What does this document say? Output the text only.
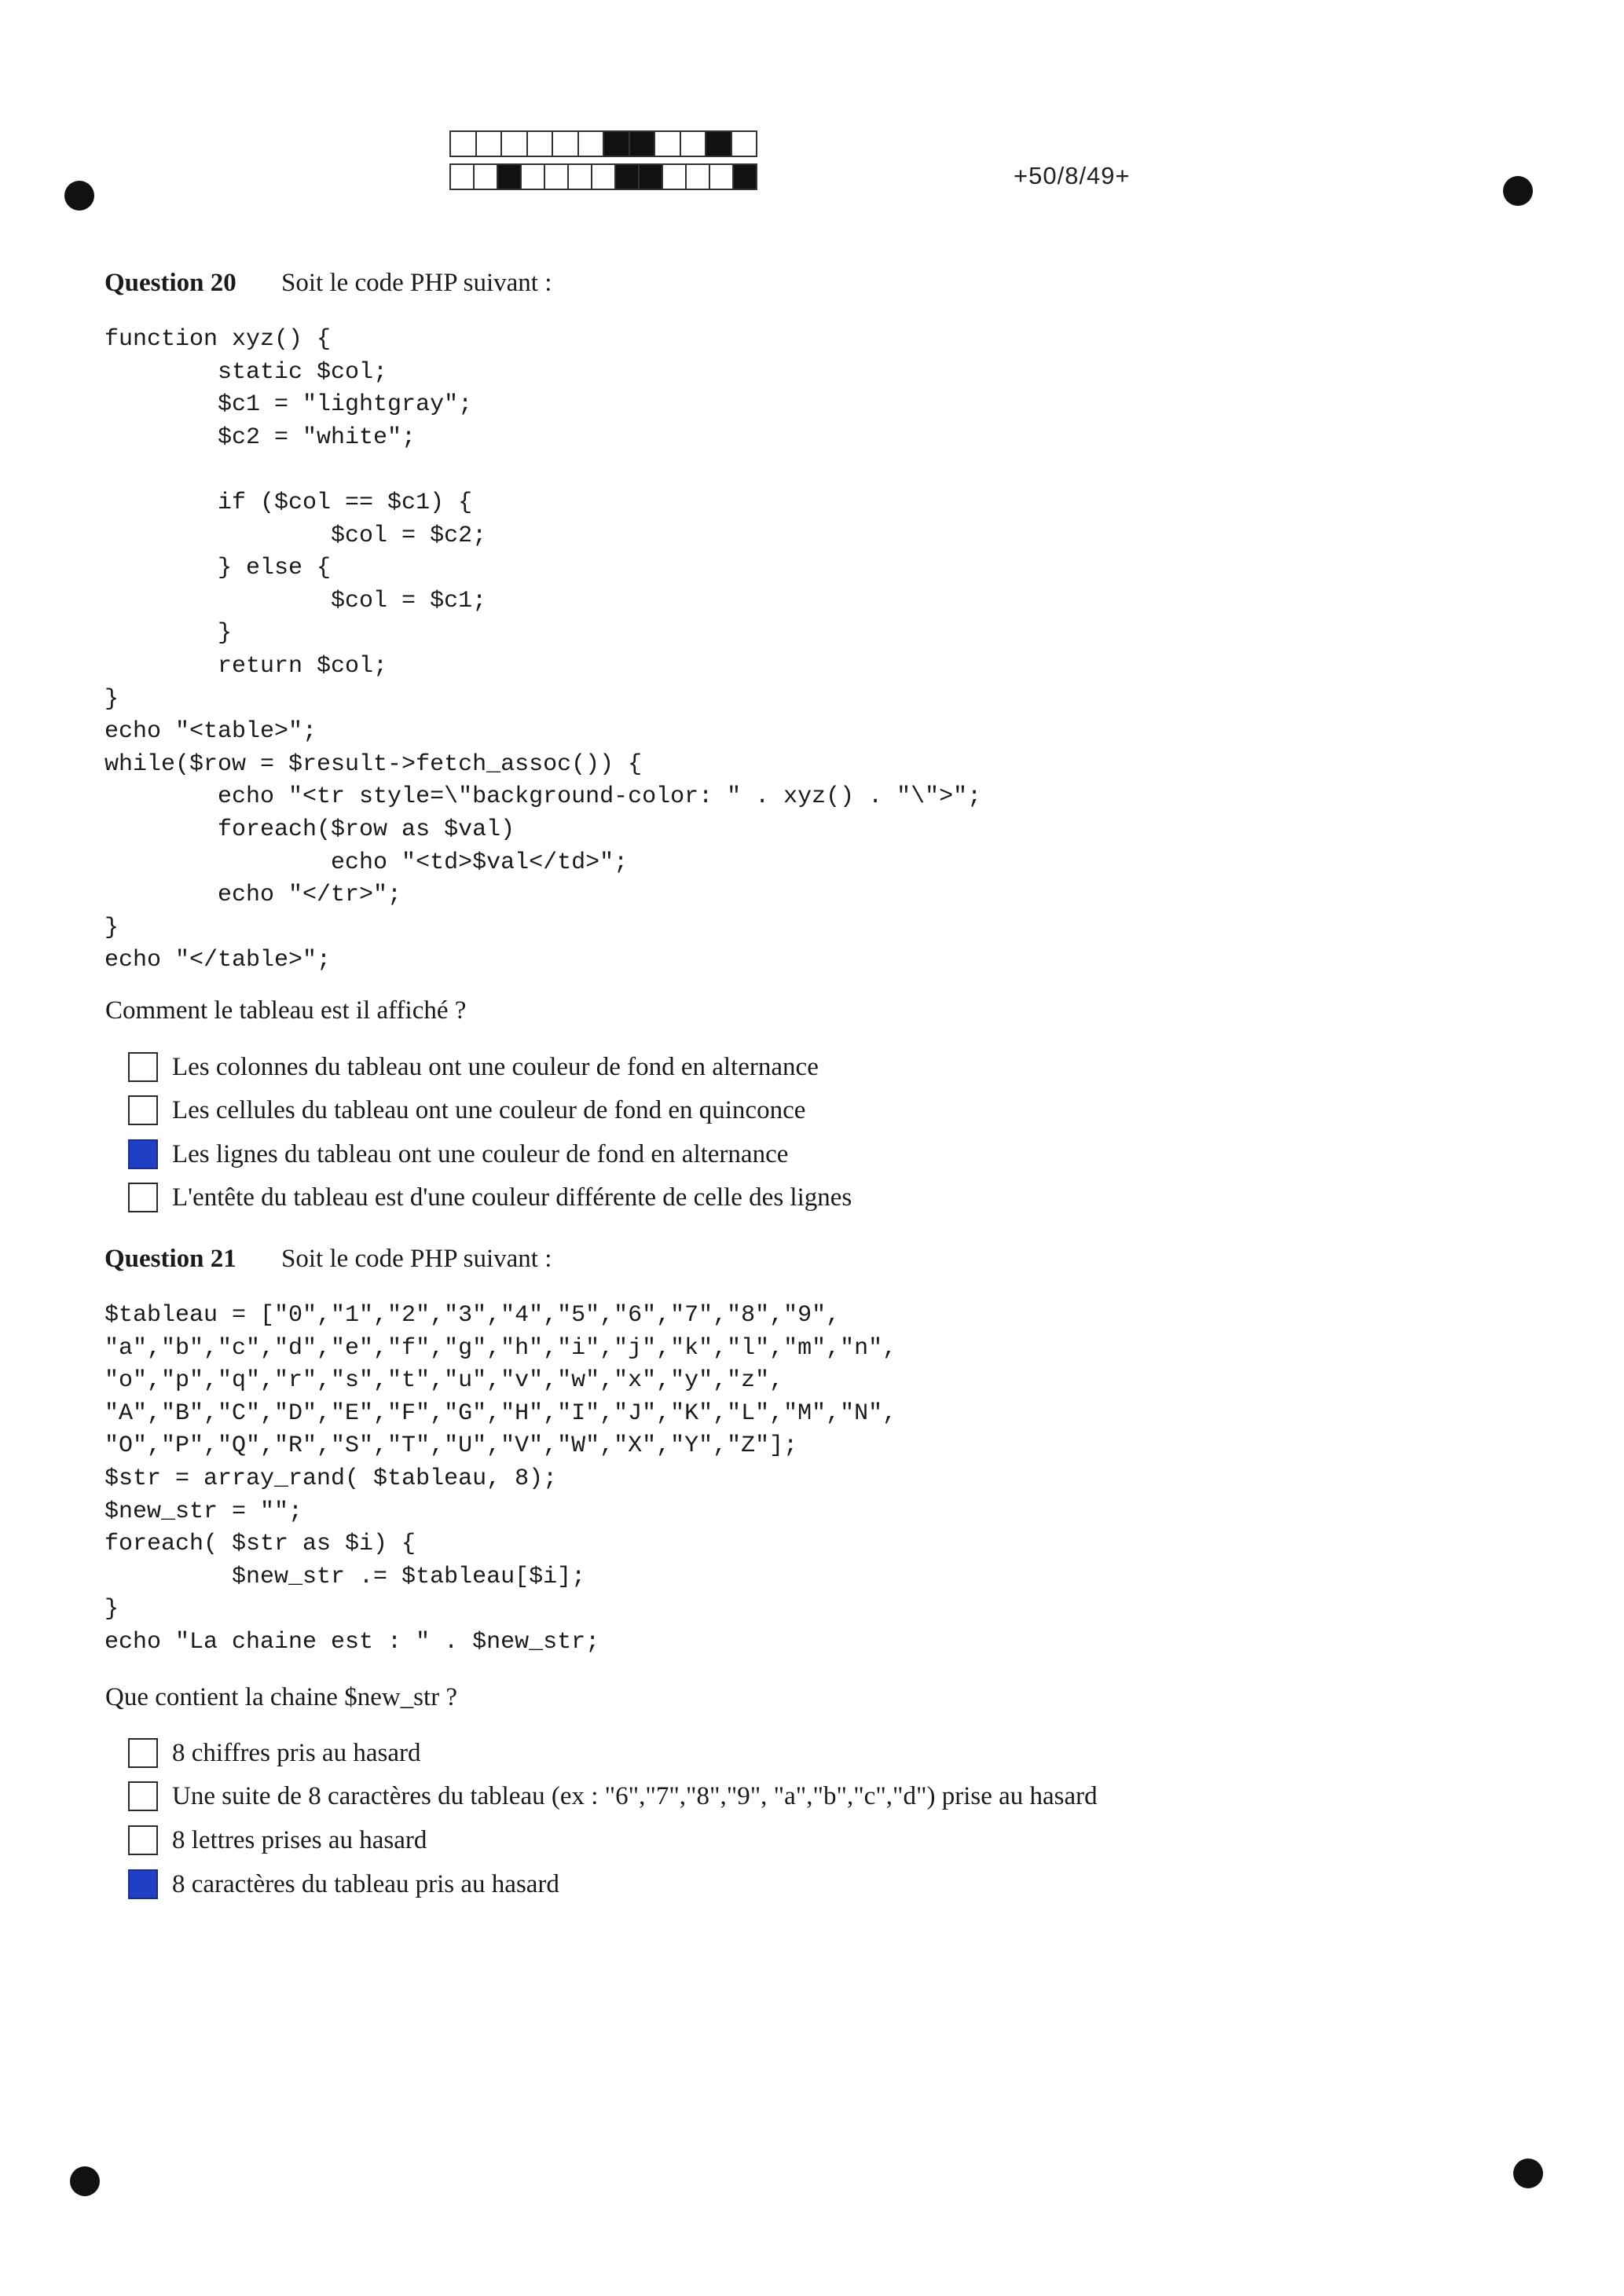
+50/8/49+
Question 20 Soit le code PHP suivant :
function xyz() {
static $col;
$c1 = "lightgray";
$c2 = "white";

if ($col == $c1) {
$col = $c2;
} else {
$col = $c1;
}
return $col;
}
echo "<table>";
while($row = $result->fetch_assoc()) {
echo "<tr style=\"background-color: " . xyz() . "\">";
foreach($row as $val)
echo "<td>$val</td>";
echo "</tr>";
}
echo "</table>";
Comment le tableau est il affiché ?
Les colonnes du tableau ont une couleur de fond en alternance
Les cellules du tableau ont une couleur de fond en quinconce
Les lignes du tableau ont une couleur de fond en alternance
L'entête du tableau est d'une couleur différente de celle des lignes
Question 21 Soit le code PHP suivant :
$tableau = ["0","1","2","3","4","5","6","7","8","9",
"a","b","c","d","e","f","g","h","i","j","k","l","m","n",
"o","p","q","r","s","t","u","v","w","x","y","z",
"A","B","C","D","E","F","G","H","I","J","K","L","M","N",
"O","P","Q","R","S","T","U","V","W","X","Y","Z"];
$str = array_rand( $tableau, 8);
$new_str = "";
foreach( $str as $i) {
$new_str .= $tableau[$i];
}
echo "La chaine est : " . $new_str;
Que contient la chaine $new_str ?
8 chiffres pris au hasard
Une suite de 8 caractères du tableau (ex : "6","7","8","9", "a","b","c","d") prise au hasard
8 lettres prises au hasard
8 caractères du tableau pris au hasard
